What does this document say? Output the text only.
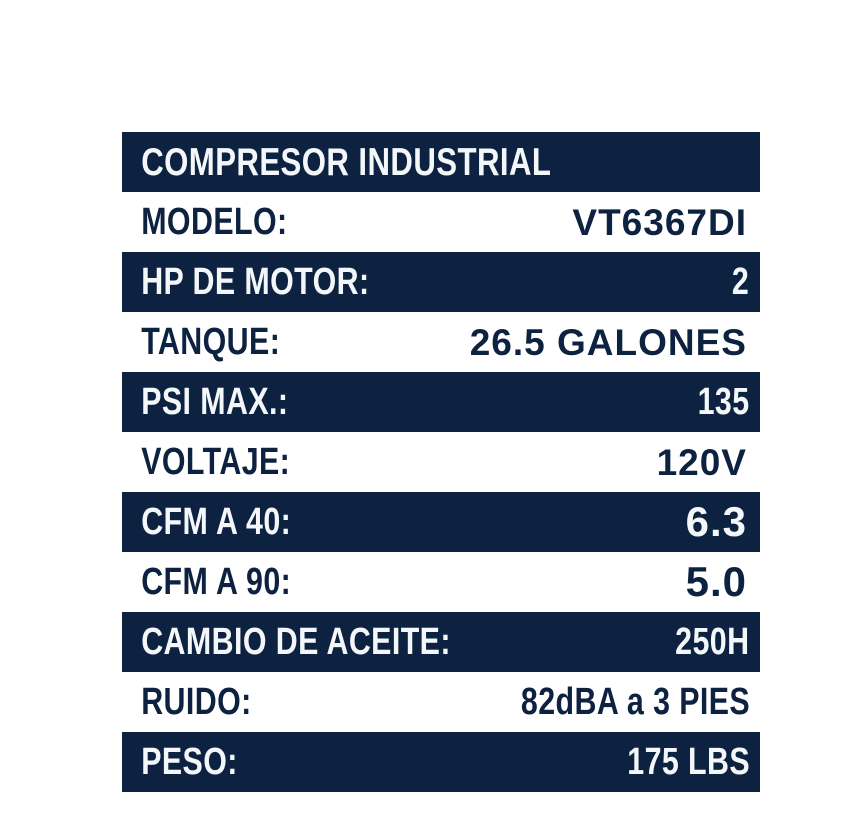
COMPRESOR INDUSTRIAL
MODELO:	VT6367DI
HP DE MOTOR:	2
TANQUE:	26.5 GALONES
PSI MAX.:	135
VOLTAJE:	120V
CFM A 40:	6.3
CFM A 90:	5.0
CAMBIO DE ACEITE:	250H
RUIDO:	82dBA a 3 PIES
PESO:	175 LBS
